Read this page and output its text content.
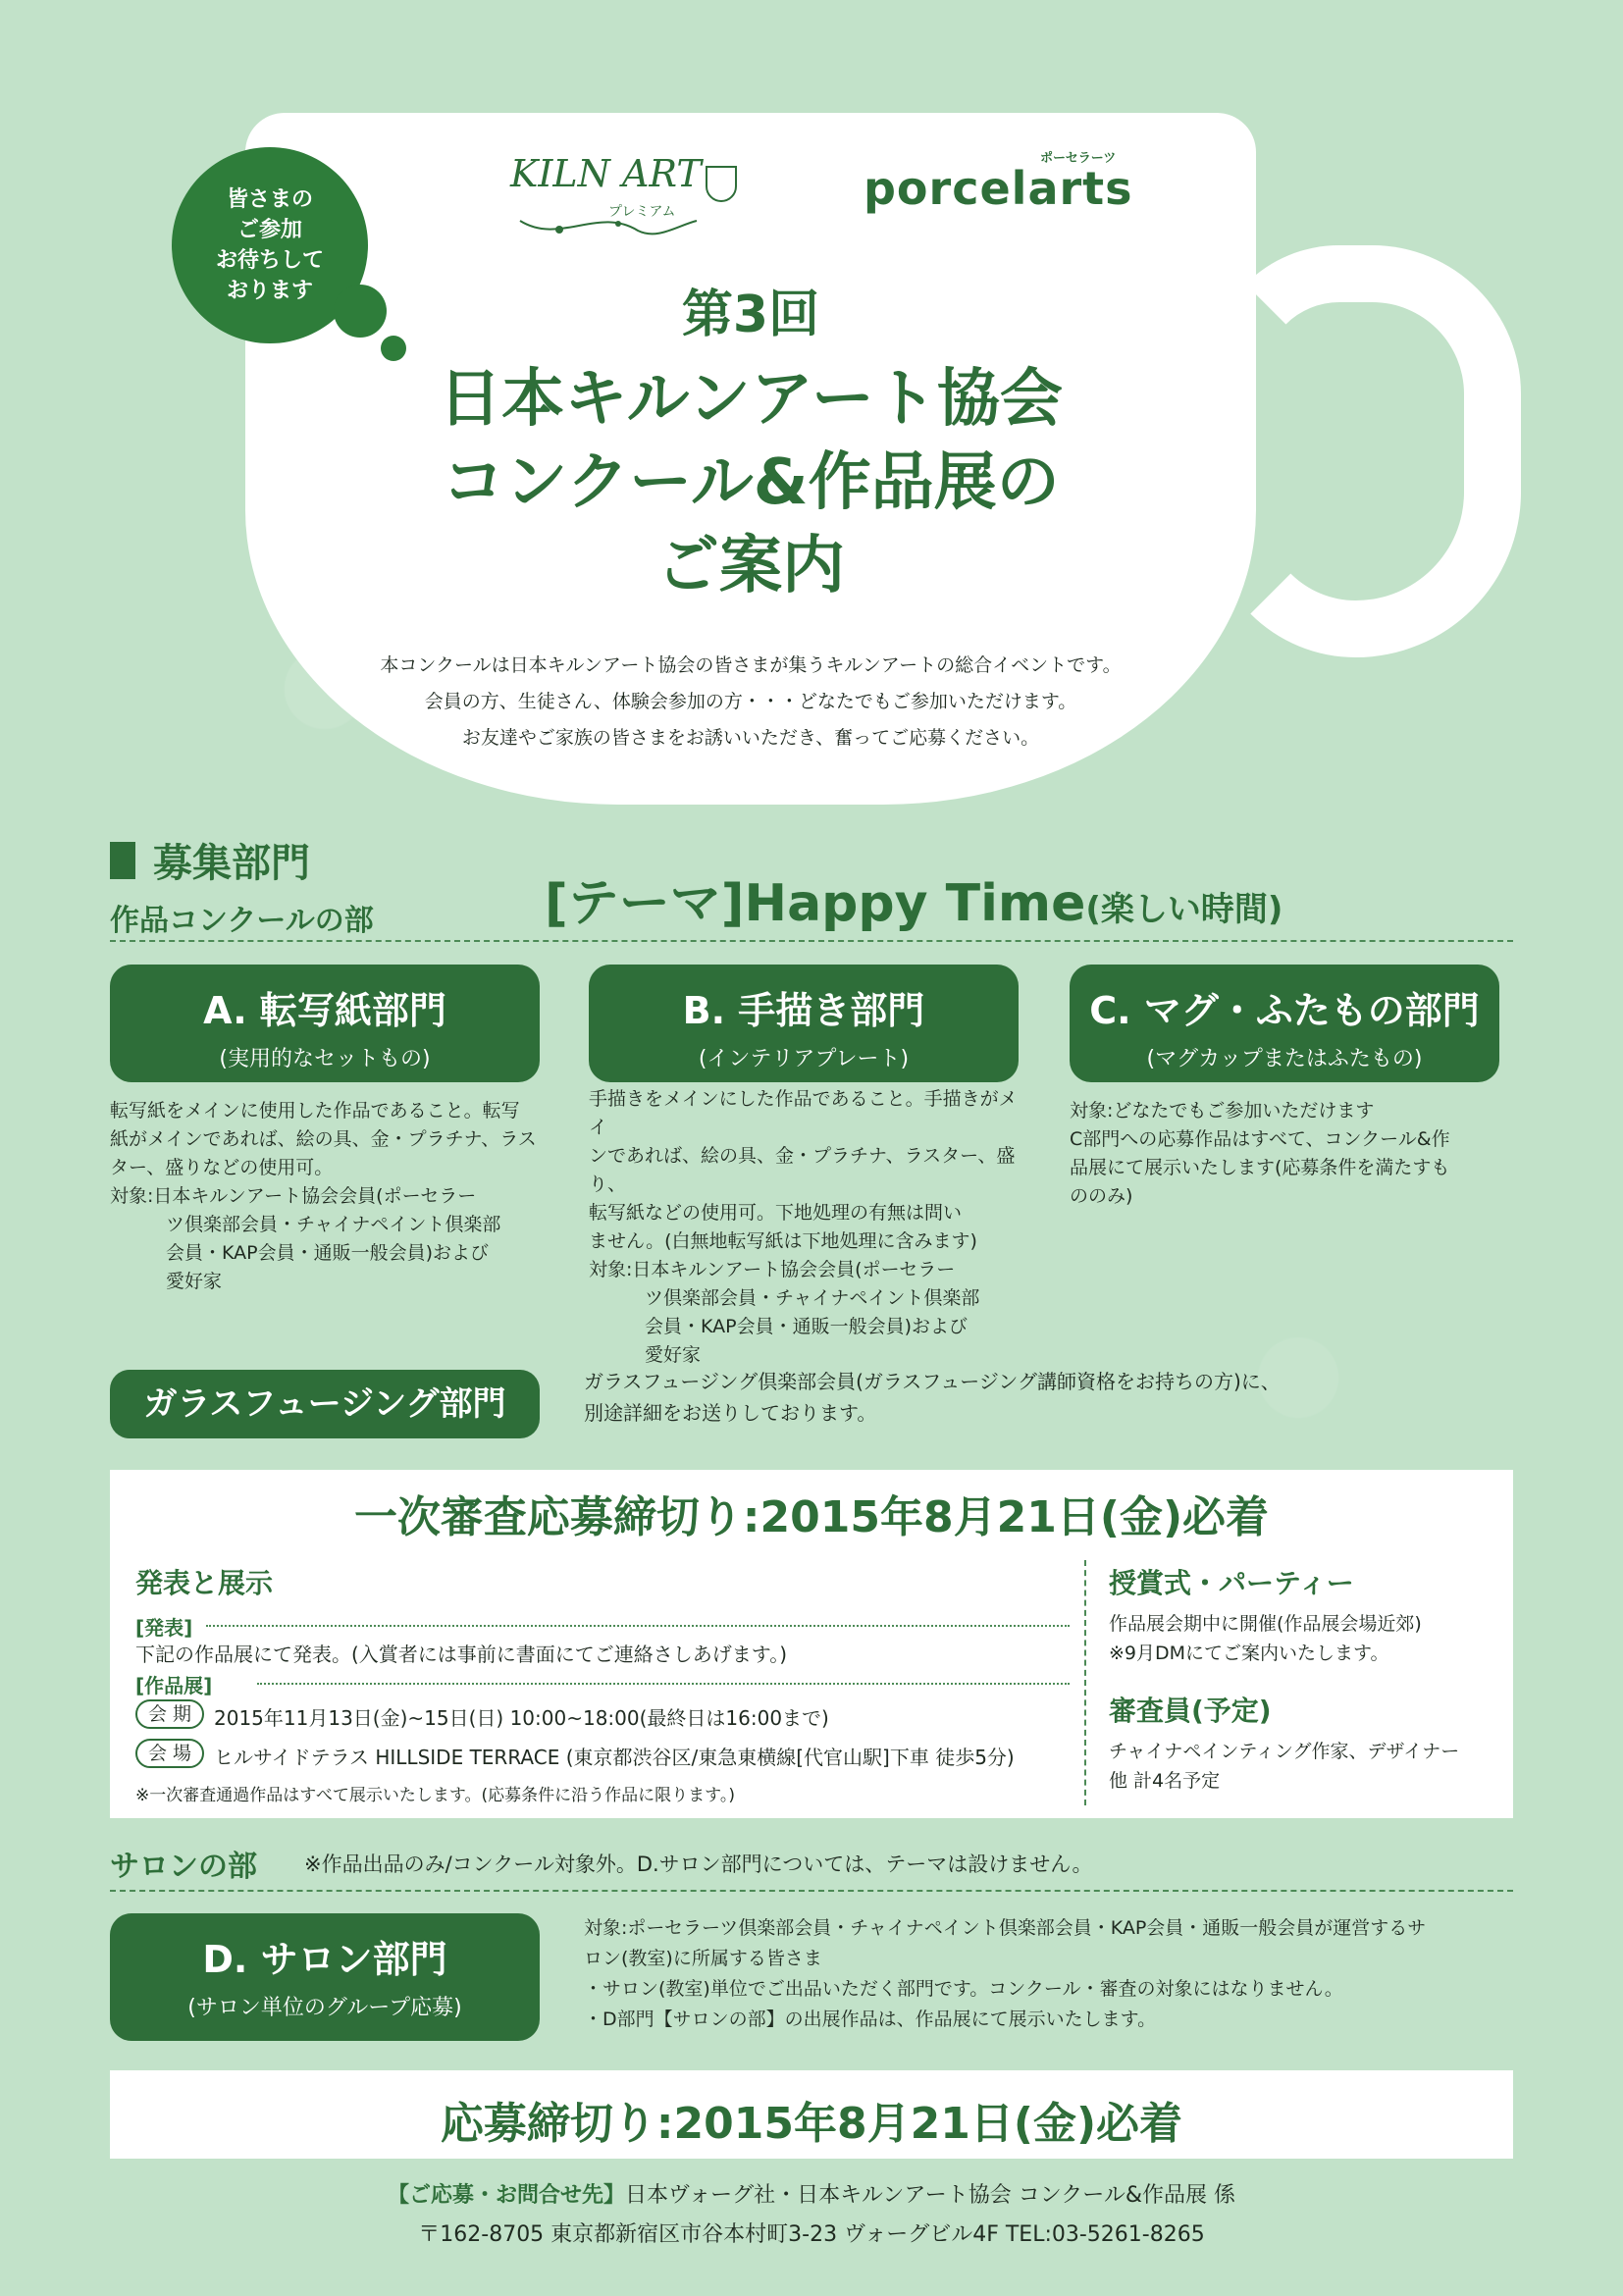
皆さまの
ご参加
お待ちして
おります
KILN ART
プレミアム	porcelarts
ポーセラーツ
第3回
日本キルンアート協会
コンクール&作品展の
ご案内
本コンクールは日本キルンアート協会の皆さまが集うキルンアートの総合イベントです。
会員の方、生徒さん、体験会参加の方・・・どなたでもご参加いただけます。
お友達やご家族の皆さまをお誘いいただき、奮ってご応募ください。
募集部門
作品コンクールの部	[テーマ]Happy Time(楽しい時間)
A. 転写紙部門
(実用的なセットもの)
B. 手描き部門
(インテリアプレート)
C. マグ・ふたもの部門
(マグカップまたはふたもの)
転写紙をメインに使用した作品であること。転写
紙がメインであれば、絵の具、金・プラチナ、ラス
ター、盛りなどの使用可。
対象:日本キルンアート協会会員(ポーセラー
　　　ツ倶楽部会員・チャイナペイント倶楽部
　　　会員・KAP会員・通販一般会員)および
　　　愛好家
手描きをメインにした作品であること。手描きがメイ
ンであれば、絵の具、金・プラチナ、ラスター、盛り、
転写紙などの使用可。下地処理の有無は問い
ません。(白無地転写紙は下地処理に含みます)
対象:日本キルンアート協会会員(ポーセラー
　　　ツ倶楽部会員・チャイナペイント倶楽部
　　　会員・KAP会員・通販一般会員)および
　　　愛好家
対象:どなたでもご参加いただけます
C部門への応募作品はすべて、コンクール&作
品展にて展示いたします(応募条件を満たすも
ののみ)
ガラスフュージング部門
ガラスフュージング倶楽部会員(ガラスフュージング講師資格をお持ちの方)に、
別途詳細をお送りしております。
一次審査応募締切り:2015年8月21日(金)必着
発表と展示
[発表]
下記の作品展にて発表。(入賞者には事前に書面にてご連絡さしあげます。)
[作品展]
会 期	2015年11月13日(金)~15日(日) 10:00~18:00(最終日は16:00まで)
会 場	ヒルサイドテラス HILLSIDE TERRACE (東京都渋谷区/東急東横線[代官山駅]下車 徒歩5分)
※一次審査通過作品はすべて展示いたします。(応募条件に沿う作品に限ります。)
授賞式・パーティー
作品展会期中に開催(作品展会場近郊)
※9月DMにてご案内いたします。
審査員(予定)
チャイナペインティング作家、デザイナー
他 計4名予定
サロンの部 ※作品出品のみ/コンクール対象外。D.サロン部門については、テーマは設けません。
D. サロン部門
(サロン単位のグループ応募)
対象:ポーセラーツ倶楽部会員・チャイナペイント倶楽部会員・KAP会員・通販一般会員が運営するサ
ロン(教室)に所属する皆さま
・サロン(教室)単位でご出品いただく部門です。コンクール・審査の対象にはなりません。
・D部門【サロンの部】の出展作品は、作品展にて展示いたします。
応募締切り:2015年8月21日(金)必着
【ご応募・お問合せ先】日本ヴォーグ社・日本キルンアート協会 コンクール&作品展 係
〒162-8705 東京都新宿区市谷本村町3-23 ヴォーグビル4F TEL:03-5261-8265
